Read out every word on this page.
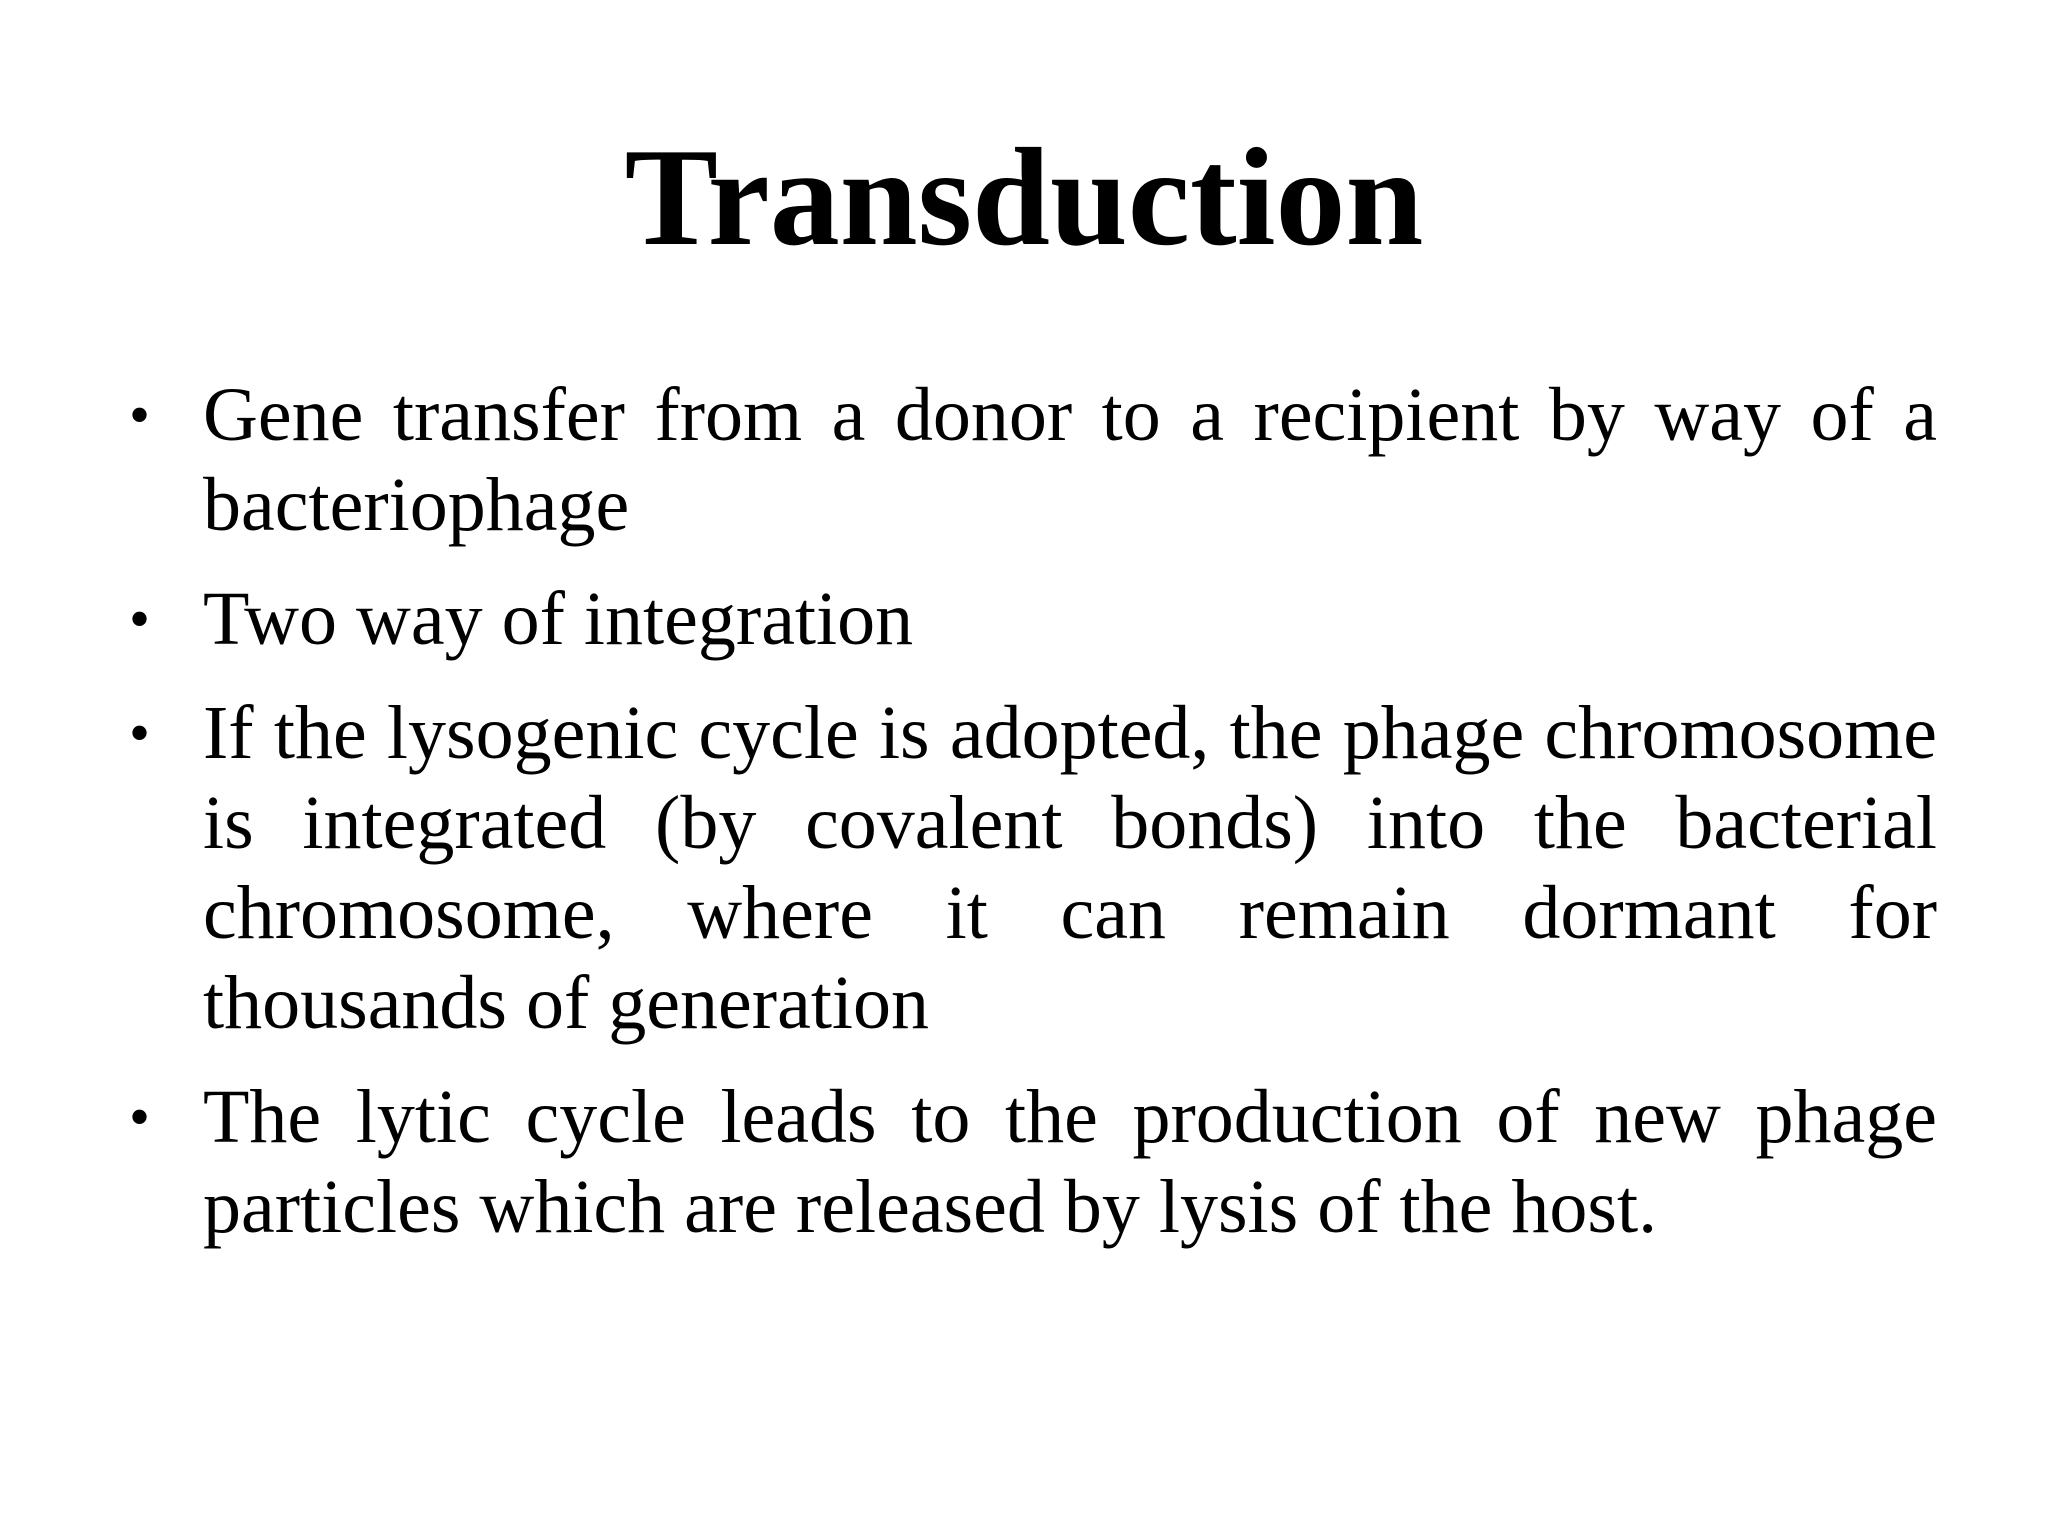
Transduction
• Gene transfer from a donor to a recipient by way of a bacteriophage
• Two way of integration
• If the lysogenic cycle is adopted, the phage chromosome is integrated (by covalent bonds) into the bacterial chromosome, where it can remain dormant for thousands of generation
• The lytic cycle leads to the production of new phage particles which are released by lysis of the host.
